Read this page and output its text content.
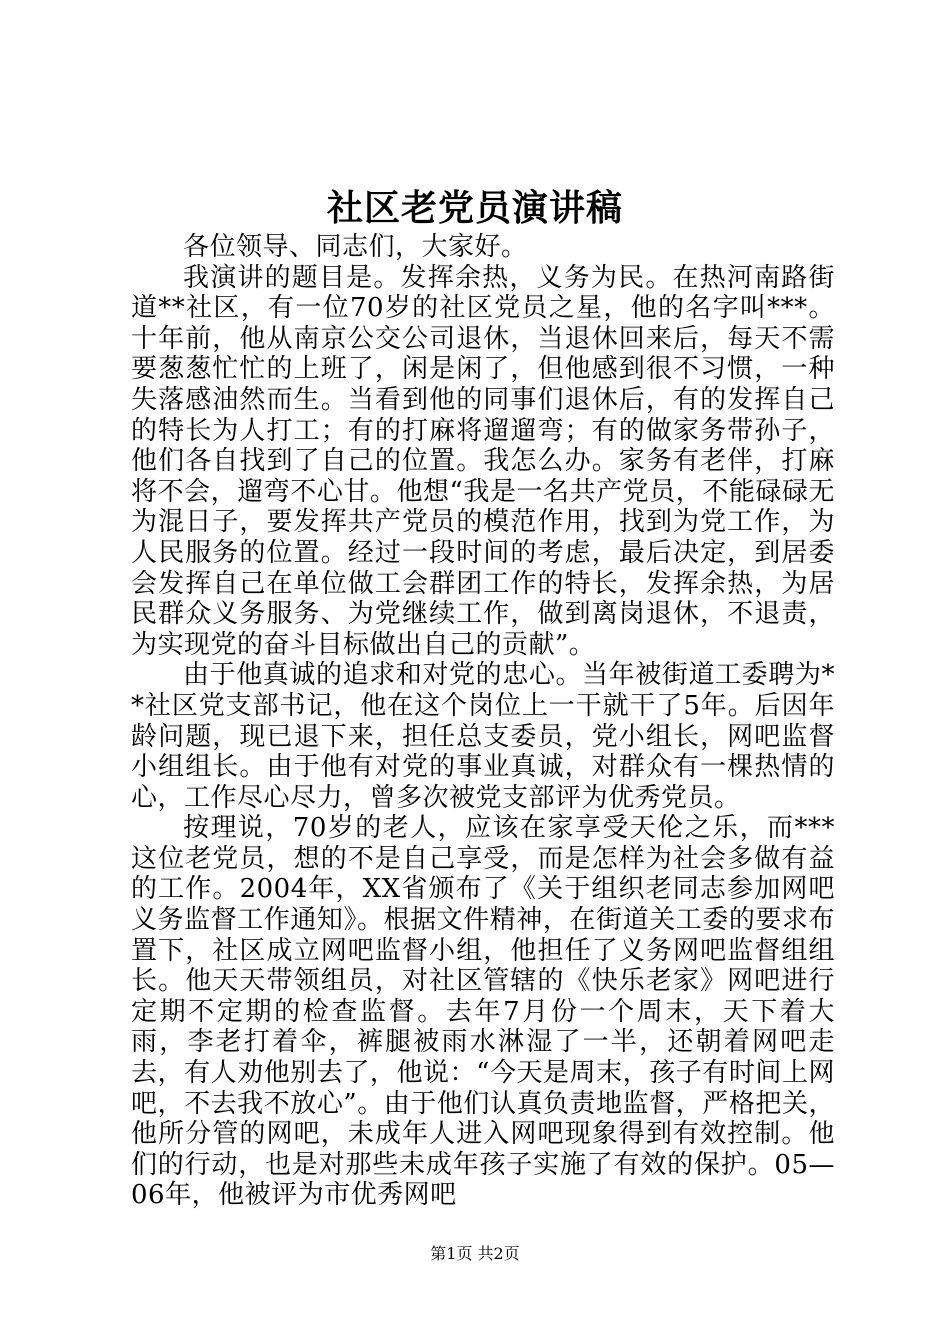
社区老党员演讲稿

各位领导、同志们，大家好。

我演讲的题目是。发挥余热，义务为民。在热河南路街道**社区，有一位70岁的社区党员之星，他的名字叫***。十年前，他从南京公交公司退休，当退休回来后，每天不需要葱葱忙忙的上班了，闲是闲了，但他感到很不习惯，一种失落感油然而生。当看到他的同事们退休后，有的发挥自己的特长为人打工；有的打麻将遛遛弯；有的做家务带孙子，他们各自找到了自己的位置。我怎么办。家务有老伴，打麻将不会，遛弯不心甘。他想“我是一名共产党员，不能碌碌无为混日子，要发挥共产党员的模范作用，找到为党工作，为人民服务的位置。经过一段时间的考虑，最后决定，到居委会发挥自己在单位做工会群团工作的特长，发挥余热，为居民群众义务服务、为党继续工作，做到离岗退休，不退责，为实现党的奋斗目标做出自己的贡献”。

由于他真诚的追求和对党的忠心。当年被街道工委聘为**社区党支部书记，他在这个岗位上一干就干了5年。后因年龄问题，现已退下来，担任总支委员，党小组长，网吧监督小组组长。由于他有对党的事业真诚，对群众有一棵热情的心，工作尽心尽力，曾多次被党支部评为优秀党员。

按理说，70岁的老人，应该在家享受天伦之乐，而***这位老党员，想的不是自己享受，而是怎样为社会多做有益的工作。2004年，XX省颁布了《关于组织老同志参加网吧义务监督工作通知》。根据文件精神，在街道关工委的要求布置下，社区成立网吧监督小组，他担任了义务网吧监督组组长。他天天带领组员，对社区管辖的《快乐老家》网吧进行定期不定期的检查监督。去年7月份一个周末，天下着大雨，李老打着伞，裤腿被雨水淋湿了一半，还朝着网吧走去，有人劝他别去了，他说：“今天是周末，孩子有时间上网吧，不去我不放心”。由于他们认真负责地监督，严格把关，他所分管的网吧，未成年人进入网吧现象得到有效控制。他们的行动，也是对那些未成年孩子实施了有效的保护。05—06年，他被评为市优秀网吧

第1页 共2页
